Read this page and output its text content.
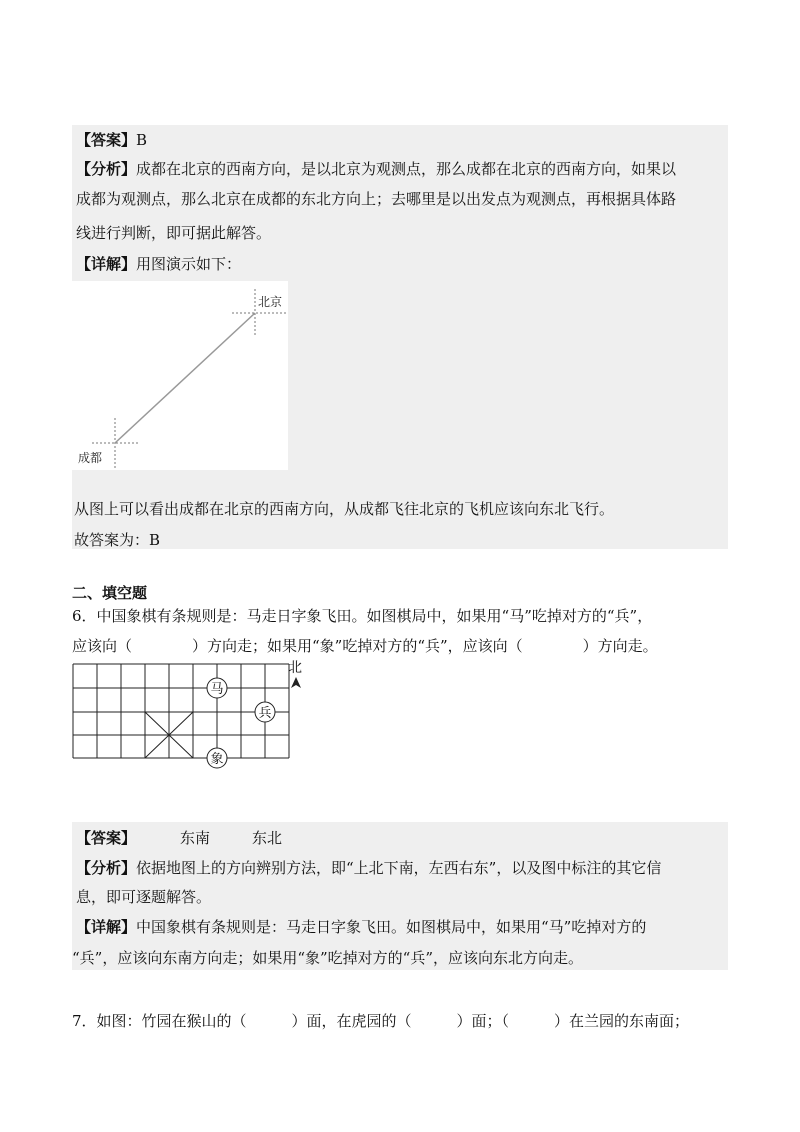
【答案】B
【分析】成都在北京的西南方向，是以北京为观测点，那么成都在北京的西南方向，如果以
成都为观测点，那么北京在成都的东北方向上；去哪里是以出发点为观测点，再根据具体路
线进行判断，即可据此解答。
【详解】用图演示如下：
北京
成都
从图上可以看出成都在北京的西南方向，从成都飞往北京的飞机应该向东北飞行。
故答案为：B
二、填空题
6．中国象棋有条规则是：马走日字象飞田。如图棋局中，如果用“马”吃掉对方的“兵”，
应该向（　　　　）方向走；如果用“象”吃掉对方的“兵”，应该向（　　　　）方向走。
马
兵
象
北
【答案】	东南	东北
【分析】依据地图上的方向辨别方法，即“上北下南，左西右东”，以及图中标注的其它信
息，即可逐题解答。
【详解】中国象棋有条规则是：马走日字象飞田。如图棋局中，如果用“马”吃掉对方的
“兵”，应该向东南方向走；如果用“象”吃掉对方的“兵”，应该向东北方向走。
7．如图：竹园在猴山的（　　　）面，在虎园的（　　　）面；（　　　）在兰园的东南面；
